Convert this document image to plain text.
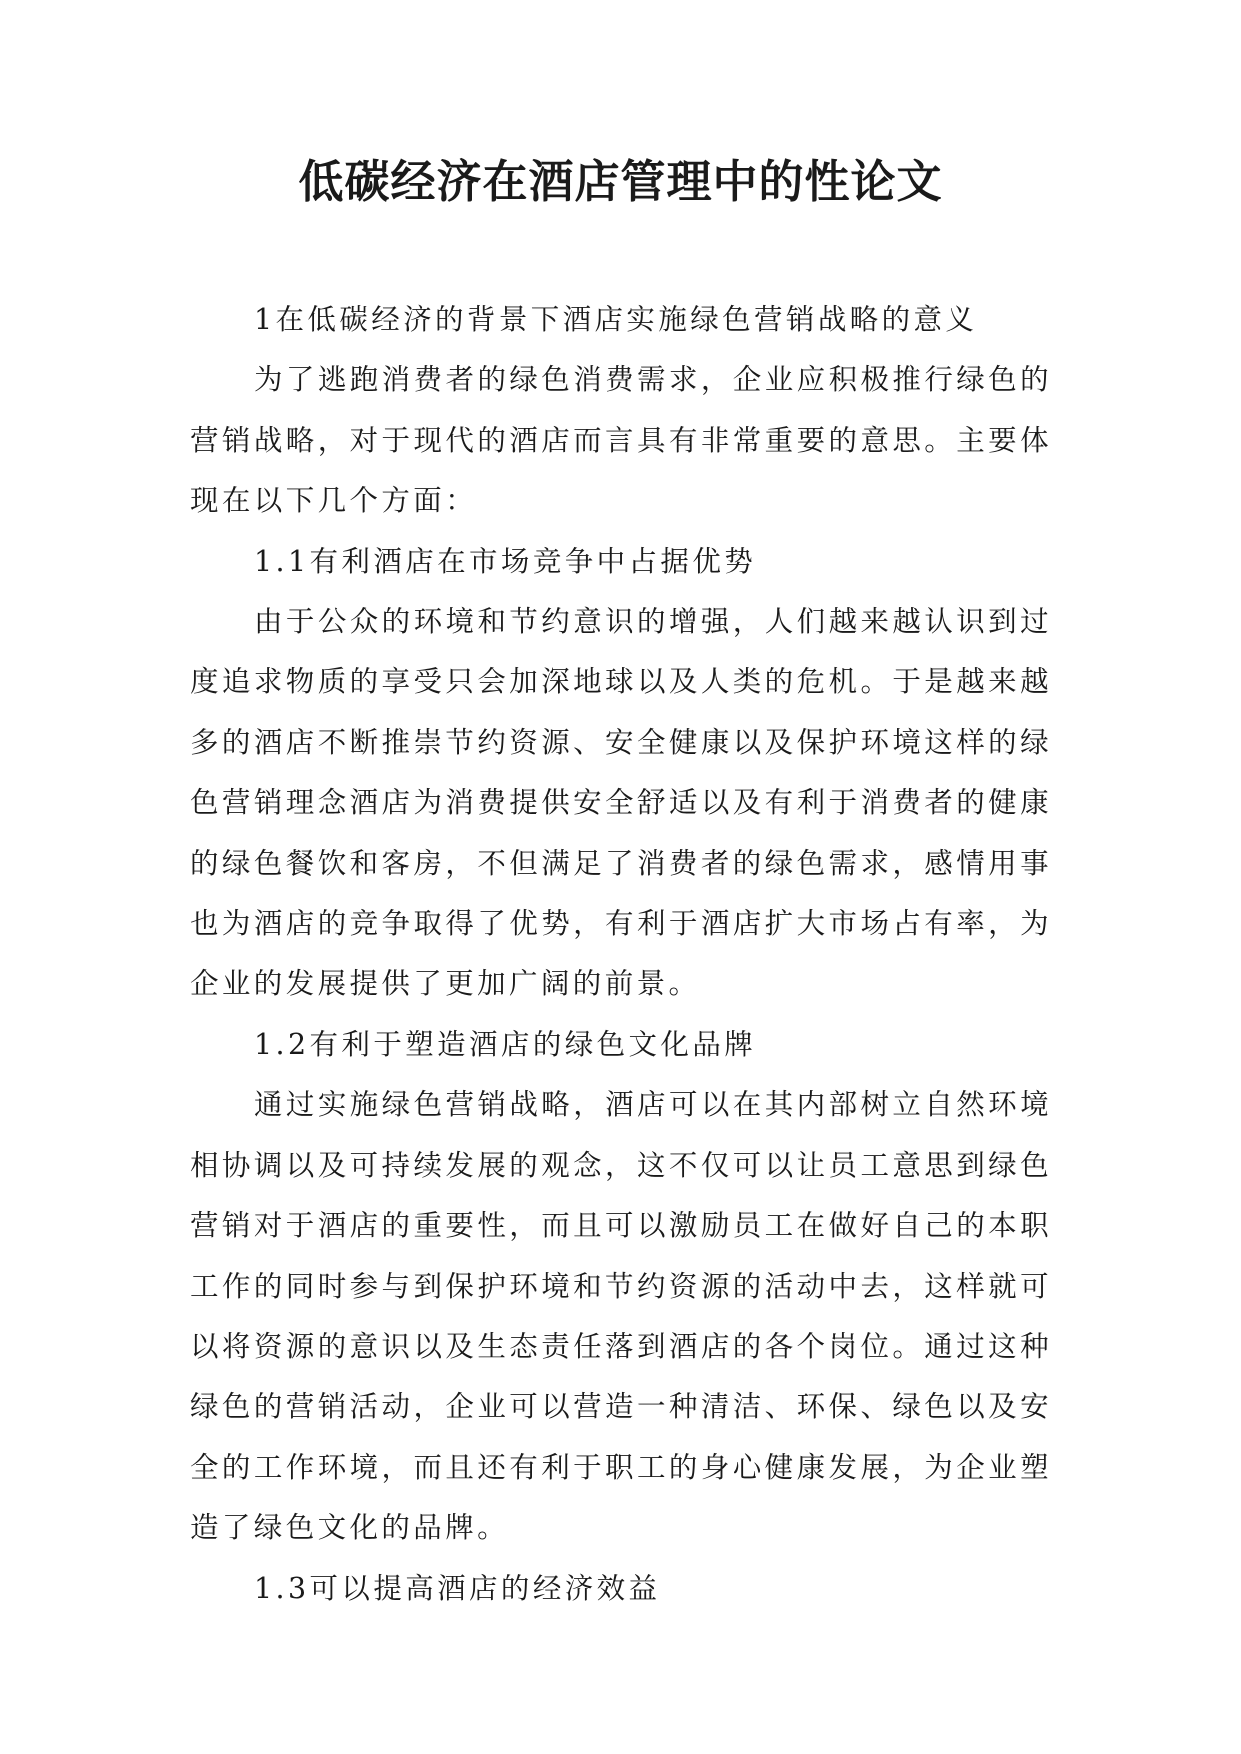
低碳经济在酒店管理中的性论文

1在低碳经济的背景下酒店实施绿色营销战略的意义

为了逃跑消费者的绿色消费需求，企业应积极推行绿色的营销战略，对于现代的酒店而言具有非常重要的意思。主要体现在以下几个方面：

1.1有利酒店在市场竞争中占据优势

由于公众的环境和节约意识的增强，人们越来越认识到过度追求物质的享受只会加深地球以及人类的危机。于是越来越多的酒店不断推崇节约资源、安全健康以及保护环境这样的绿色营销理念酒店为消费提供安全舒适以及有利于消费者的健康的绿色餐饮和客房，不但满足了消费者的绿色需求，感情用事也为酒店的竞争取得了优势，有利于酒店扩大市场占有率，为企业的发展提供了更加广阔的前景。

1.2有利于塑造酒店的绿色文化品牌

通过实施绿色营销战略，酒店可以在其内部树立自然环境相协调以及可持续发展的观念，这不仅可以让员工意思到绿色营销对于酒店的重要性，而且可以激励员工在做好自己的本职工作的同时参与到保护环境和节约资源的活动中去，这样就可以将资源的意识以及生态责任落到酒店的各个岗位。通过这种绿色的营销活动，企业可以营造一种清洁、环保、绿色以及安全的工作环境，而且还有利于职工的身心健康发展，为企业塑造了绿色文化的品牌。

1.3可以提高酒店的经济效益
